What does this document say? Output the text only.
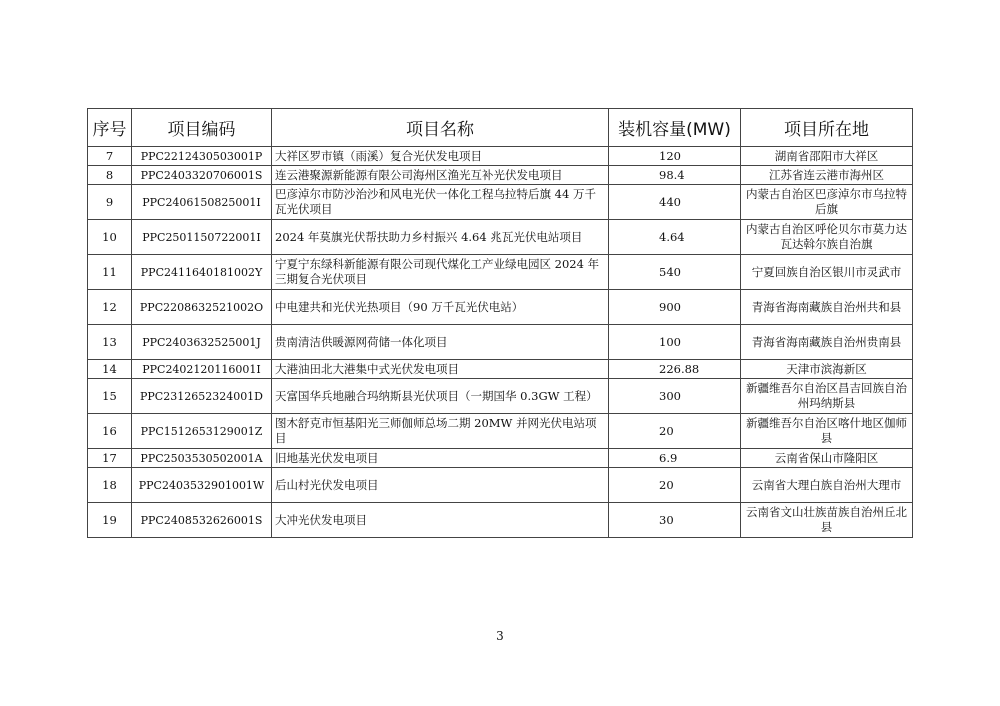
序号	项目编码	项目名称	装机容量(MW)	项目所在地
7	PPC2212430503001P	大祥区罗市镇（雨溪）复合光伏发电项目	120	湖南省邵阳市大祥区
8	PPC2403320706001S	连云港聚源新能源有限公司海州区渔光互补光伏发电项目	98.4	江苏省连云港市海州区
9	PPC2406150825001I	巴彦淖尔市防沙治沙和风电光伏一体化工程乌拉特后旗 44 万千瓦光伏项目	440	内蒙古自治区巴彦淖尔市乌拉特后旗
10	PPC2501150722001I	2024 年莫旗光伏帮扶助力乡村振兴 4.64 兆瓦光伏电站项目	4.64	内蒙古自治区呼伦贝尔市莫力达瓦达斡尔族自治旗
11	PPC2411640181002Y	宁夏宁东绿科新能源有限公司现代煤化工产业绿电园区 2024 年三期复合光伏项目	540	宁夏回族自治区银川市灵武市
12	PPC2208632521002O	中电建共和光伏光热项目（90 万千瓦光伏电站）	900	青海省海南藏族自治州共和县
13	PPC2403632525001J	贵南清洁供暖源网荷储一体化项目	100	青海省海南藏族自治州贵南县
14	PPC2402120116001I	大港油田北大港集中式光伏发电项目	226.88	天津市滨海新区
15	PPC2312652324001D	天富国华兵地融合玛纳斯县光伏项目（一期国华 0.3GW 工程）	300	新疆维吾尔自治区昌吉回族自治州玛纳斯县
16	PPC1512653129001Z	图木舒克市恒基阳光三师伽师总场二期 20MW 并网光伏电站项目	20	新疆维吾尔自治区喀什地区伽师县
17	PPC2503530502001A	旧地基光伏发电项目	6.9	云南省保山市隆阳区
18	PPC2403532901001W	后山村光伏发电项目	20	云南省大理白族自治州大理市
19	PPC2408532626001S	大冲光伏发电项目	30	云南省文山壮族苗族自治州丘北县
3
